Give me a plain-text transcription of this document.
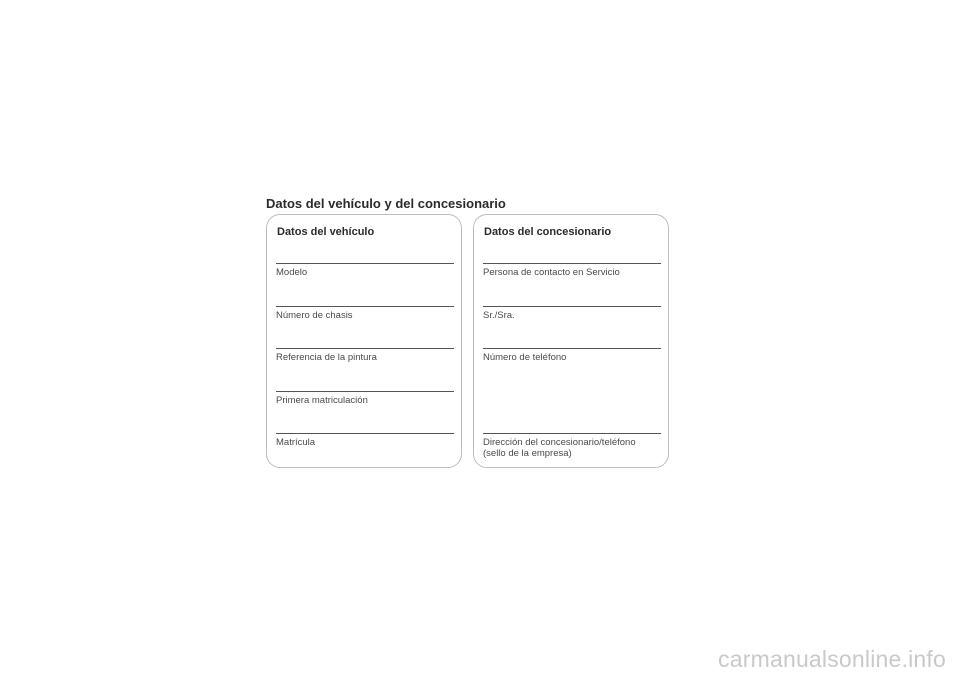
Datos del vehículo y del concesionario
Datos del vehículo
Modelo
Número de chasis
Referencia de la pintura
Primera matriculación
Matrícula
Datos del concesionario
Persona de contacto en Servicio
Sr./Sra.
Número de teléfono
Dirección del concesionario/teléfono
(sello de la empresa)
carmanualsonline.info
